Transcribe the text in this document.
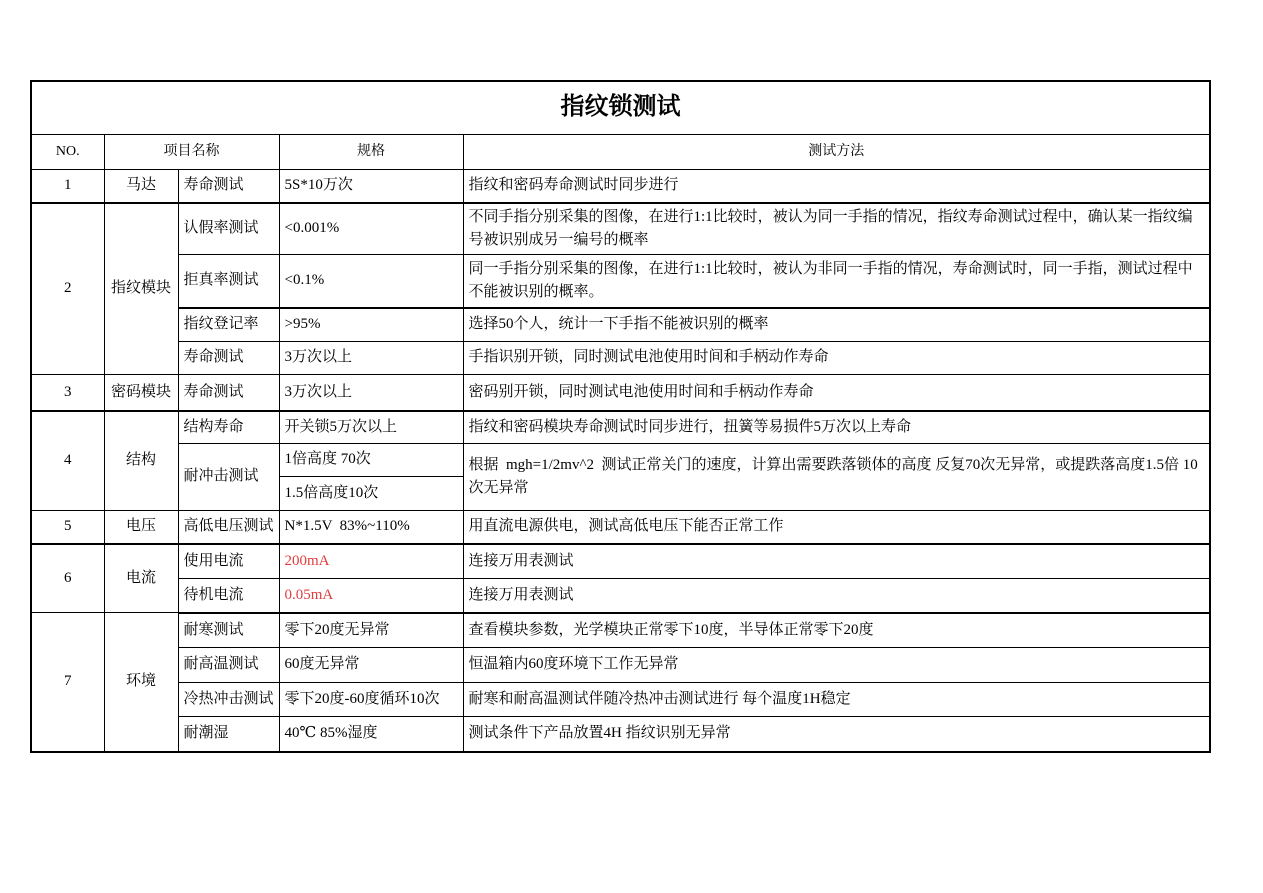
指纹锁测试				
NO.	项目名称		规格	测试方法
1	马达	寿命测试	5S*10万次	指纹和密码寿命测试时同步进行
2	指纹模块	认假率测试	<0.001%	不同手指分别采集的图像，在进行1:1比较时，被认为同一手指的情况，指纹寿命测试过程中，确认某一指纹编号被识别成另一编号的概率
		拒真率测试	<0.1%	同一手指分别采集的图像，在进行1:1比较时，被认为非同一手指的情况，寿命测试时，同一手指，测试过程中不能被识别的概率。
		指纹登记率	>95%	选择50个人，统计一下手指不能被识别的概率
		寿命测试	3万次以上	手指识别开锁，同时测试电池使用时间和手柄动作寿命
3	密码模块	寿命测试	3万次以上	密码别开锁，同时测试电池使用时间和手柄动作寿命
4	结构	结构寿命	开关锁5万次以上	指纹和密码模块寿命测试时同步进行，扭簧等易损件5万次以上寿命
		耐冲击测试	1倍高度 70次	根据  mgh=1/2mv^2  测试正常关门的速度，计算出需要跌落锁体的高度 反复70次无异常，或提跌落高度1.5倍 10次无异常
			1.5倍高度10次	
5	电压	高低电压测试	N*1.5V  83%~110%	用直流电源供电，测试高低电压下能否正常工作
6	电流	使用电流	200mA	连接万用表测试
		待机电流	0.05mA	连接万用表测试
7	环境	耐寒测试	零下20度无异常	查看模块参数，光学模块正常零下10度，半导体正常零下20度
		耐高温测试	60度无异常	恒温箱内60度环境下工作无异常
		冷热冲击测试	零下20度-60度循环10次	耐寒和耐高温测试伴随冷热冲击测试进行 每个温度1H稳定
		耐潮湿	40℃ 85%湿度	测试条件下产品放置4H 指纹识别无异常
